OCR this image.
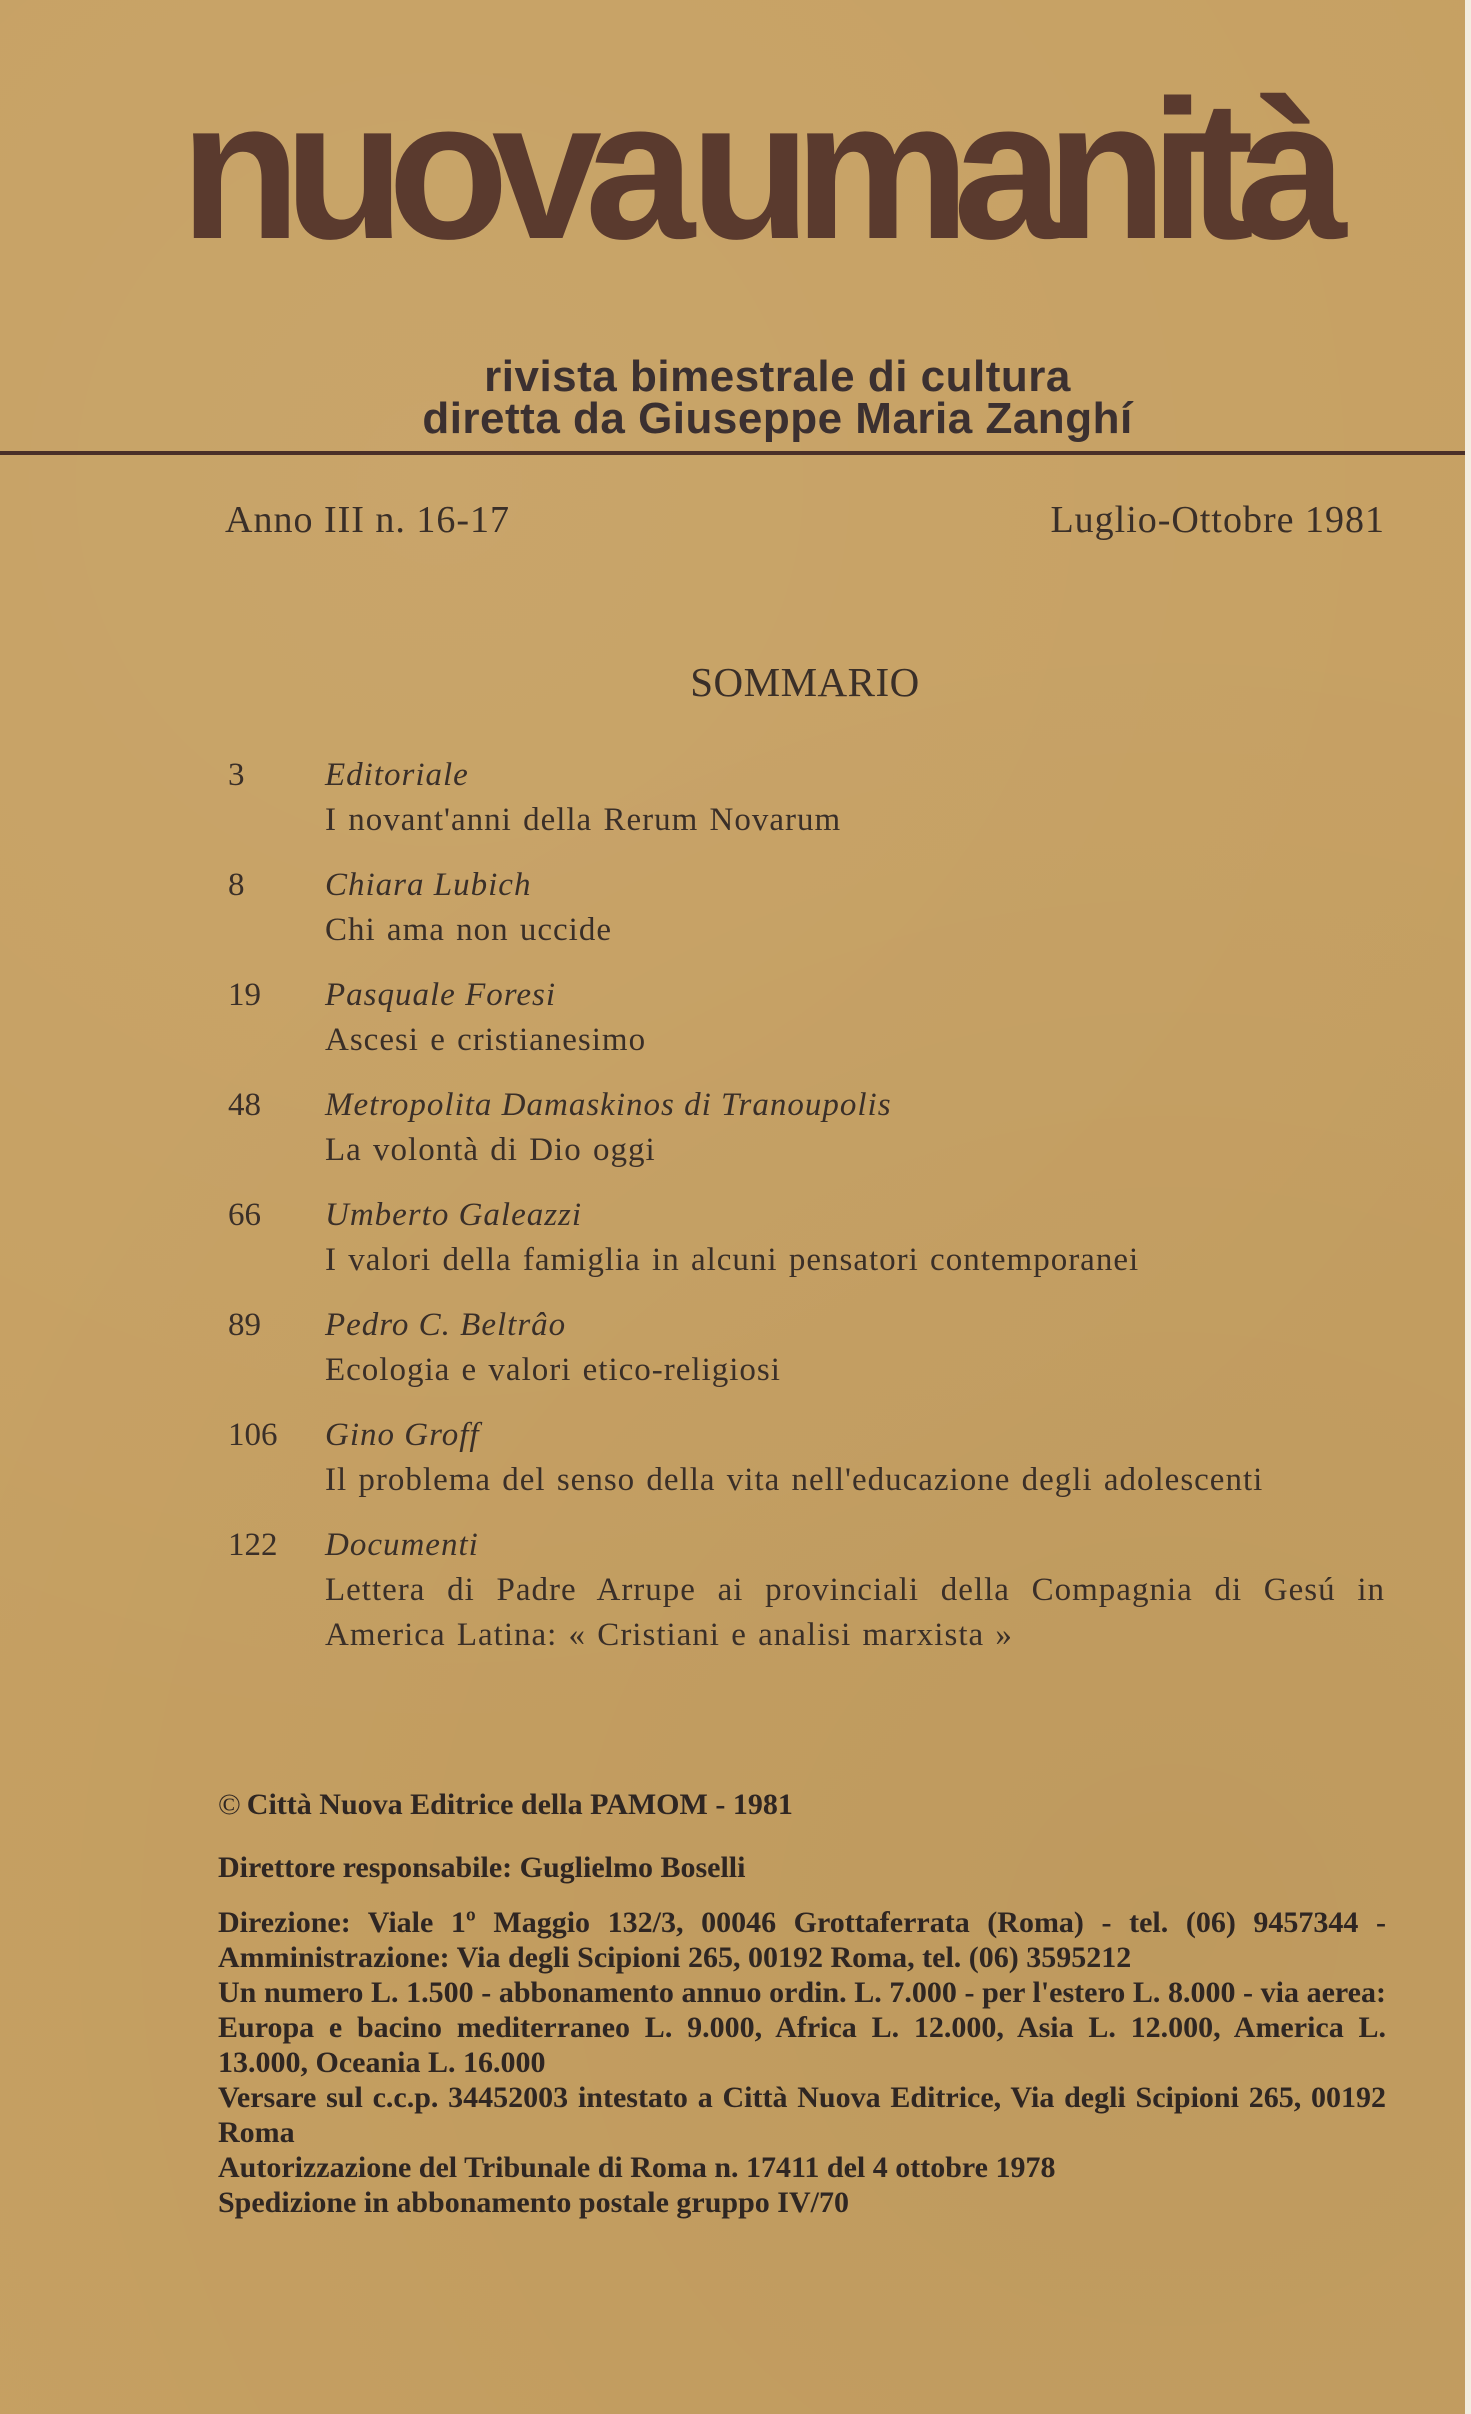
nuova umanità
rivista bimestrale di cultura
diretta da Giuseppe Maria Zanghí
Anno III n. 16-17	Luglio-Ottobre 1981
SOMMARIO
3 Editoriale
I novant'anni della Rerum Novarum
8 Chiara Lubich
Chi ama non uccide
19 Pasquale Foresi
Ascesi e cristianesimo
48 Metropolita Damaskinos di Tranoupolis
La volontà di Dio oggi
66 Umberto Galeazzi
I valori della famiglia in alcuni pensatori contemporanei
89 Pedro C. Beltrâo
Ecologia e valori etico-religiosi
106 Gino Groff
Il problema del senso della vita nell'educazione degli adolescenti
122 Documenti
Lettera di Padre Arrupe ai provinciali della Compagnia di Gesú in America Latina: « Cristiani e analisi marxista »
© Città Nuova Editrice della PAMOM - 1981
Direttore responsabile: Guglielmo Boselli

Direzione: Viale 1º Maggio 132/3, 00046 Grottaferrata (Roma) - tel. (06) 9457344 - Amministrazione: Via degli Scipioni 265, 00192 Roma, tel. (06) 3595212

Un numero L. 1.500 - abbonamento annuo ordin. L. 7.000 - per l'estero L. 8.000 - via aerea: Europa e bacino mediterraneo L. 9.000, Africa L. 12.000, Asia L. 12.000, America L. 13.000, Oceania L. 16.000

Versare sul c.c.p. 34452003 intestato a Città Nuova Editrice, Via degli Scipioni 265, 00192 Roma

Autorizzazione del Tribunale di Roma n. 17411 del 4 ottobre 1978

Spedizione in abbonamento postale gruppo IV/70
